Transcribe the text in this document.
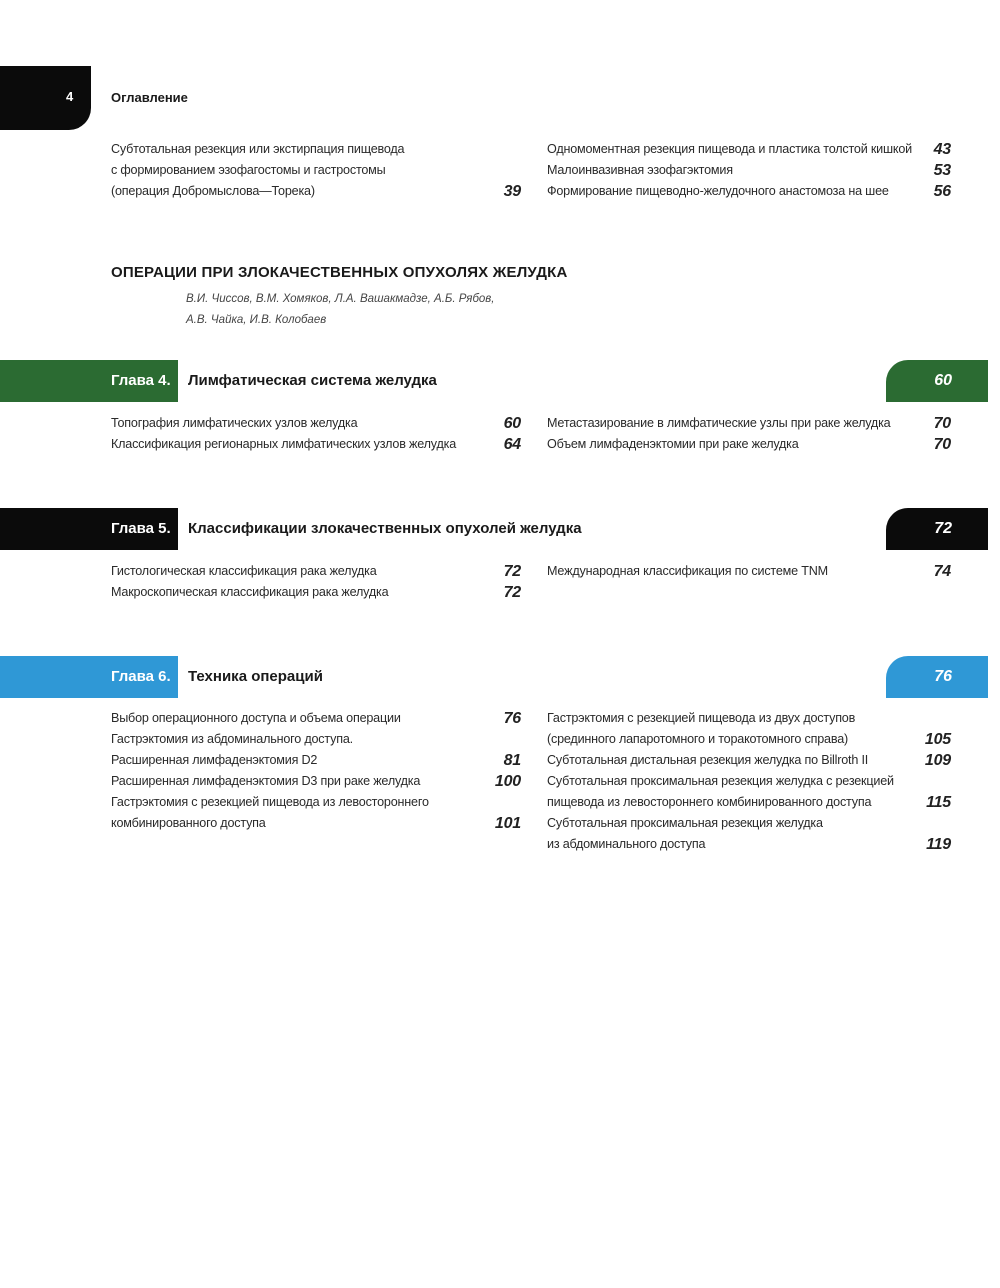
4	Оглавление
Субтотальная резекция или экстирпация пищевода
с формированием эзофагостомы и гастростомы
(операция Добромыслова—Торека)	39
Одномоментная резекция пищевода и пластика толстой кишкой	43
Малоинвазивная эзофагэктомия	53
Формирование пищеводно-желудочного анастомоза на шее	56
ОПЕРАЦИИ ПРИ ЗЛОКАЧЕСТВЕННЫХ ОПУХОЛЯХ ЖЕЛУДКА
В.И. Чиссов, В.М. Хомяков, Л.А. Вашакмадзе, А.Б. Рябов,
А.В. Чайка, И.В. Колобаев
Глава 4. Лимфатическая система желудка	60
Топография лимфатических узлов желудка	60
Классификация регионарных лимфатических узлов желудка	64
Метастазирование в лимфатические узлы при раке желудка	70
Объем лимфаденэктомии при раке желудка	70
Глава 5. Классификации злокачественных опухолей желудка	72
Гистологическая классификация рака желудка	72
Макроскопическая классификация рака желудка	72
Международная классификация по системе TNM	74
Глава 6. Техника операций	76
Выбор операционного доступа и объема операции	76
Гастрэктомия из абдоминального доступа.
Расширенная лимфаденэктомия D2	81
Расширенная лимфаденэктомия D3 при раке желудка	100
Гастрэктомия с резекцией пищевода из левостороннего
комбинированного доступа	101
Гастрэктомия с резекцией пищевода из двух доступов
(срединного лапаротомного и торакотомного справа)	105
Субтотальная дистальная резекция желудка по Billroth II	109
Субтотальная проксимальная резекция желудка с резекцией
пищевода из левостороннего комбинированного доступа	115
Субтотальная проксимальная резекция желудка
из абдоминального доступа	119
